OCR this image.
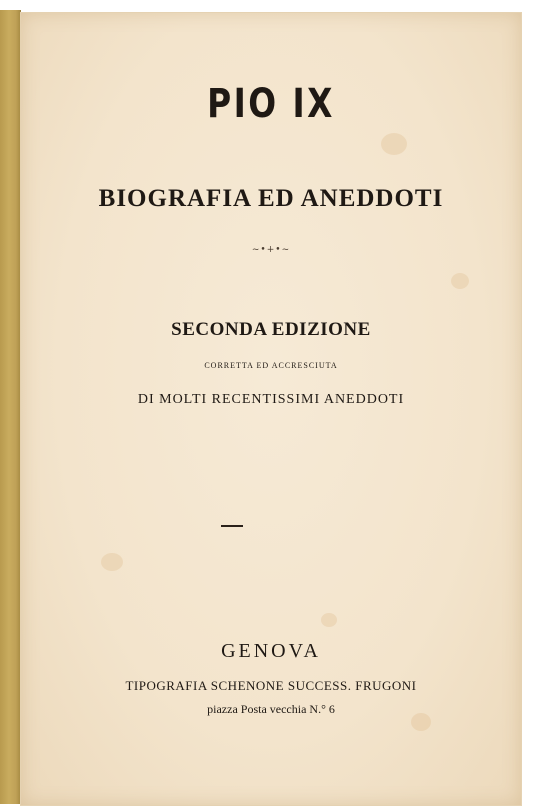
PIO IX
BIOGRAFIA ED ANEDDOTI
~•+•~
SECONDA EDIZIONE
CORRETTA ED ACCRESCIUTA
DI MOLTI RECENTISSIMI ANEDDOTI
GENOVA
TIPOGRAFIA SCHENONE SUCCESS. FRUGONI
piazza Posta vecchia N.° 6
